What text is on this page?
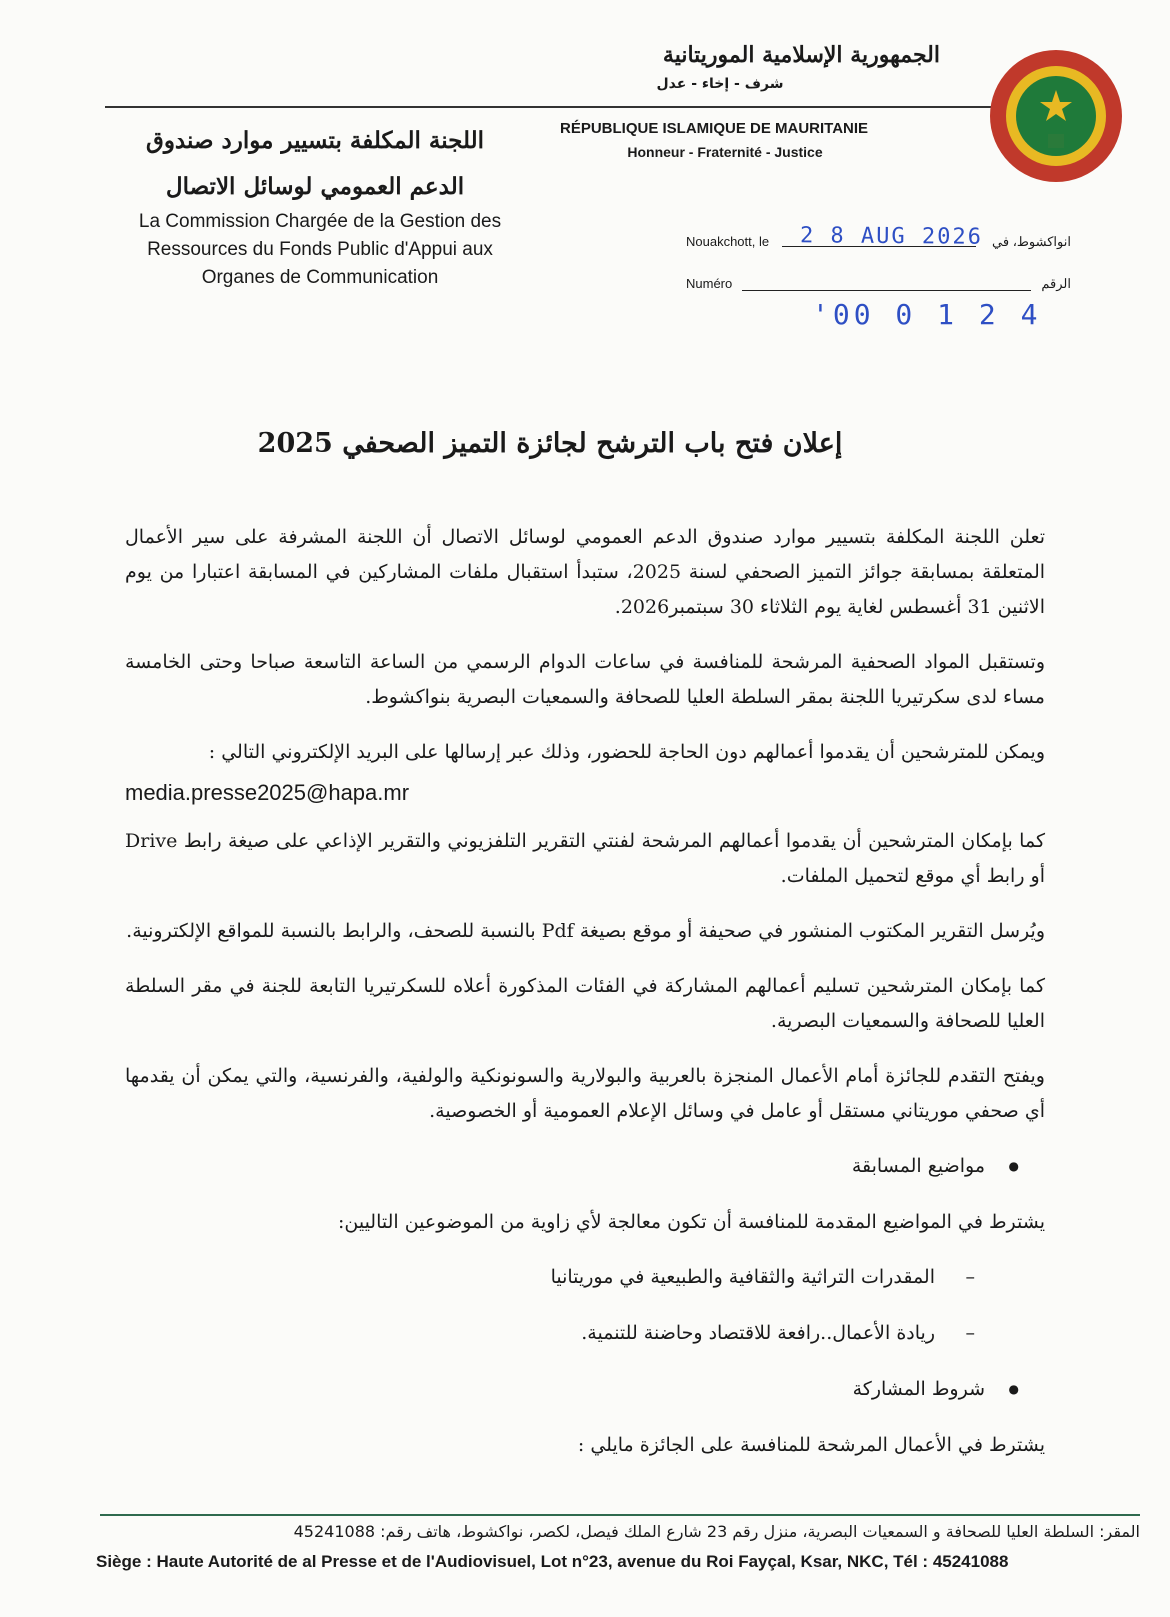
الجمهورية الإسلامية الموريتانية
شرف - إخاء - عدل
RÉPUBLIQUE ISLAMIQUE DE MAURITANIE
Honneur - Fraternité - Justice
اللجنة المكلفة بتسيير موارد صندوق الدعم العمومي لوسائل الاتصال
La Commission Chargée de la Gestion des Ressources du Fonds Public d'Appui aux Organes de Communication
Nouakchott, le	انواكشوط، في
2 8 AUG 2026
Numéro	الرقم
'00 0 1 2 4
إعلان فتح باب الترشح لجائزة التميز الصحفي 2025

تعلن اللجنة المكلفة بتسيير موارد صندوق الدعم العمومي لوسائل الاتصال أن اللجنة المشرفة على سير الأعمال المتعلقة بمسابقة جوائز التميز الصحفي لسنة 2025، ستبدأ استقبال ملفات المشاركين في المسابقة اعتبارا من يوم الاثنين 31 أغسطس لغاية يوم الثلاثاء 30 سبتمبر2026.

وتستقبل المواد الصحفية المرشحة للمنافسة في ساعات الدوام الرسمي من الساعة التاسعة صباحا وحتى الخامسة مساء لدى سكرتيريا اللجنة بمقر السلطة العليا للصحافة والسمعيات البصرية بنواكشوط.

ويمكن للمترشحين أن يقدموا أعمالهم دون الحاجة للحضور، وذلك عبر إرسالها على البريد الإلكتروني التالي :

media.presse2025@hapa.mr

كما بإمكان المترشحين أن يقدموا أعمالهم المرشحة لفنتي التقرير التلفزيوني والتقرير الإذاعي على صيغة رابط Drive أو رابط أي موقع لتحميل الملفات.

ويُرسل التقرير المكتوب المنشور في صحيفة أو موقع بصيغة Pdf بالنسبة للصحف، والرابط بالنسبة للمواقع الإلكترونية.

كما بإمكان المترشحين تسليم أعمالهم المشاركة في الفئات المذكورة أعلاه للسكرتيريا التابعة للجنة في مقر السلطة العليا للصحافة والسمعيات البصرية.

ويفتح التقدم للجائزة أمام الأعمال المنجزة بالعربية والبولارية والسونونكية والولفية، والفرنسية، والتي يمكن أن يقدمها أي صحفي موريتاني مستقل أو عامل في وسائل الإعلام العمومية أو الخصوصية.

● مواضيع المسابقة

يشترط في المواضيع المقدمة للمنافسة أن تكون معالجة لأي زاوية من الموضوعين التاليين:

– المقدرات التراثية والثقافية والطبيعية في موريتانيا
– ريادة الأعمال..رافعة للاقتصاد وحاضنة للتنمية.
● شروط المشاركة

يشترط في الأعمال المرشحة للمنافسة على الجائزة مايلي :

المقر: السلطة العليا للصحافة و السمعيات البصرية، منزل رقم 23 شارع الملك فيصل، لكصر، نواكشوط، هاتف رقم: 45241088
Siège : Haute Autorité de al Presse et de l'Audiovisuel, Lot n°23, avenue du Roi Fayçal, Ksar, NKC, Tél : 45241088
